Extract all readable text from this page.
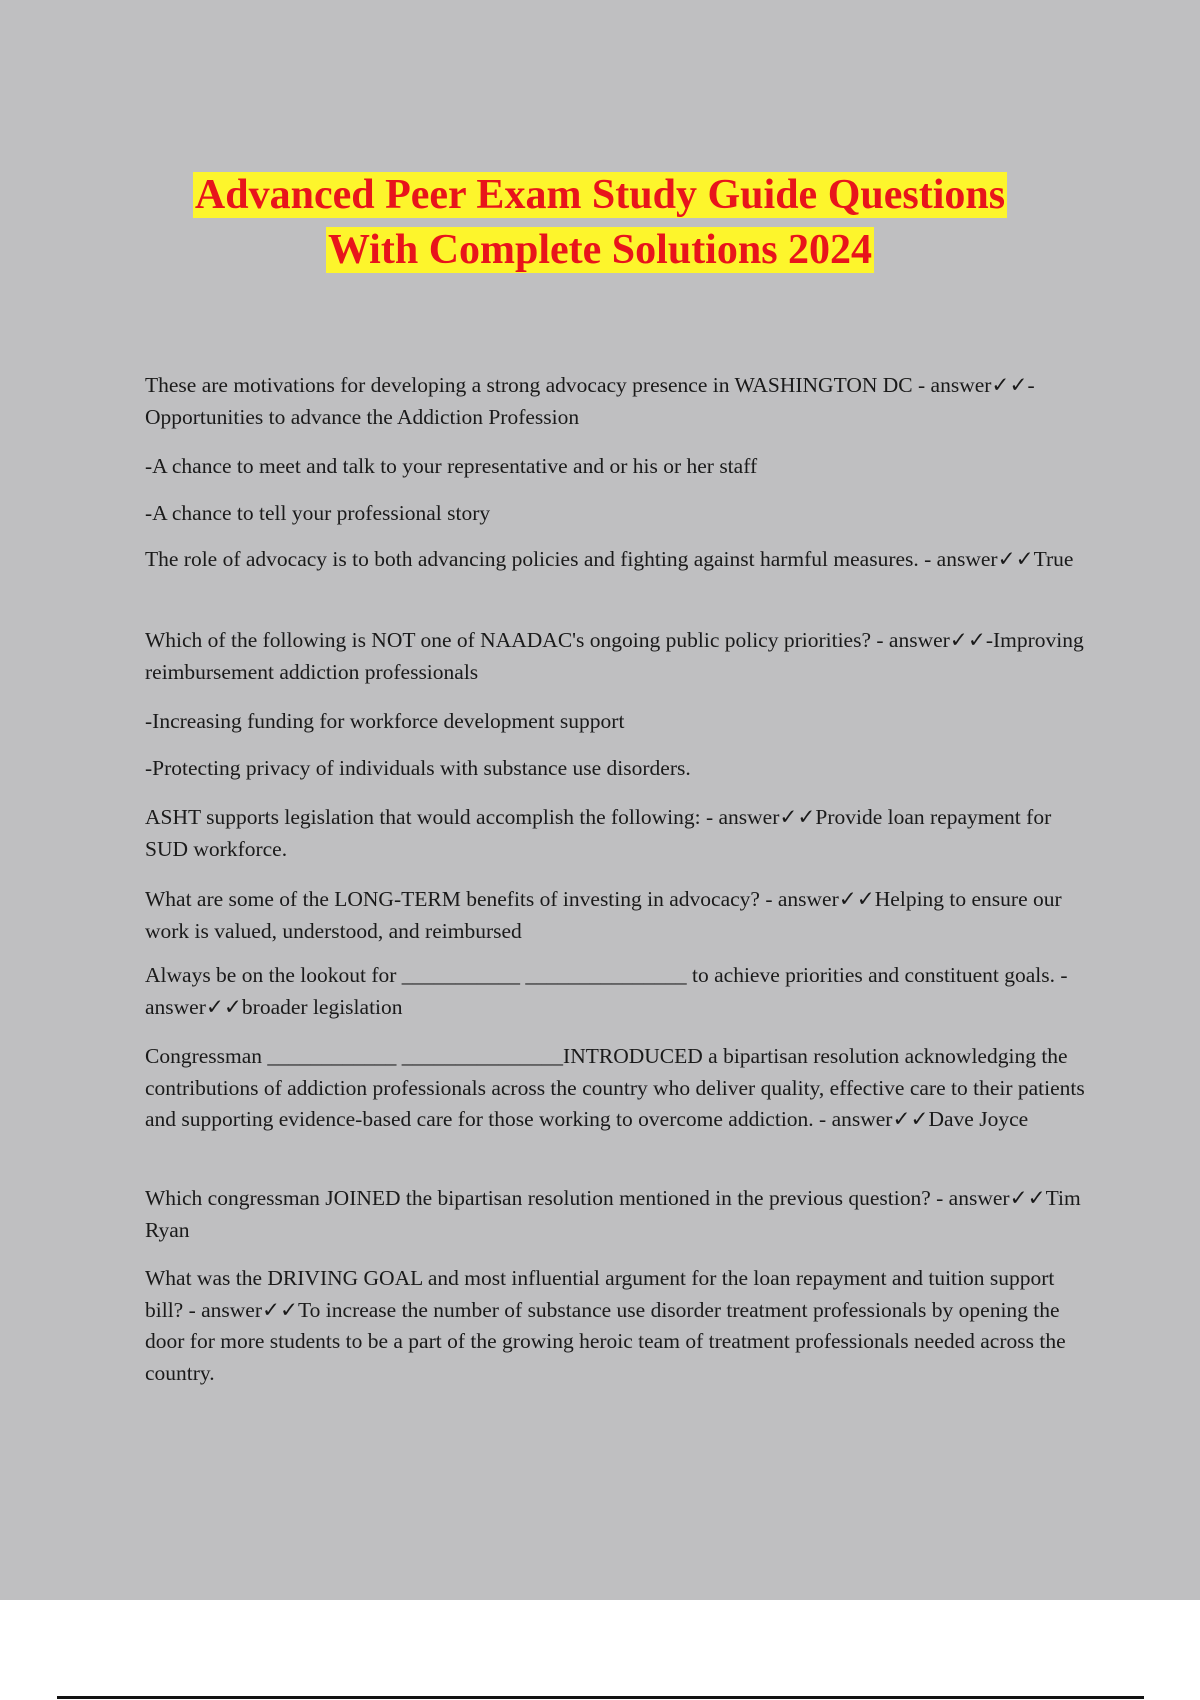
Advanced Peer Exam Study Guide Questions
With Complete Solutions 2024
These are motivations for developing a strong advocacy presence in WASHINGTON DC - answer✓✓-Opportunities to advance the Addiction Profession
-A chance to meet and talk to your representative and or his or her staff
-A chance to tell your professional story
The role of advocacy is to both advancing policies and fighting against harmful measures. - answer✓✓True
Which of the following is NOT one of NAADAC's ongoing public policy priorities? - answer✓✓-Improving reimbursement addiction professionals
-Increasing funding for workforce development support
-Protecting privacy of individuals with substance use disorders.
ASHT supports legislation that would accomplish the following: - answer✓✓Provide loan repayment for SUD workforce.
What are some of the LONG-TERM benefits of investing in advocacy? - answer✓✓Helping to ensure our work is valued, understood, and reimbursed
Always be on the lookout for ___________ _______________ to achieve priorities and constituent goals. - answer✓✓broader legislation
Congressman ____________ _______________INTRODUCED a bipartisan resolution acknowledging the contributions of addiction professionals across the country who deliver quality, effective care to their patients and supporting evidence-based care for those working to overcome addiction. - answer✓✓Dave Joyce
Which congressman JOINED the bipartisan resolution mentioned in the previous question? - answer✓✓Tim Ryan
What was the DRIVING GOAL and most influential argument for the loan repayment and tuition support bill? - answer✓✓To increase the number of substance use disorder treatment professionals by opening the door for more students to be a part of the growing heroic team of treatment professionals needed across the country.
